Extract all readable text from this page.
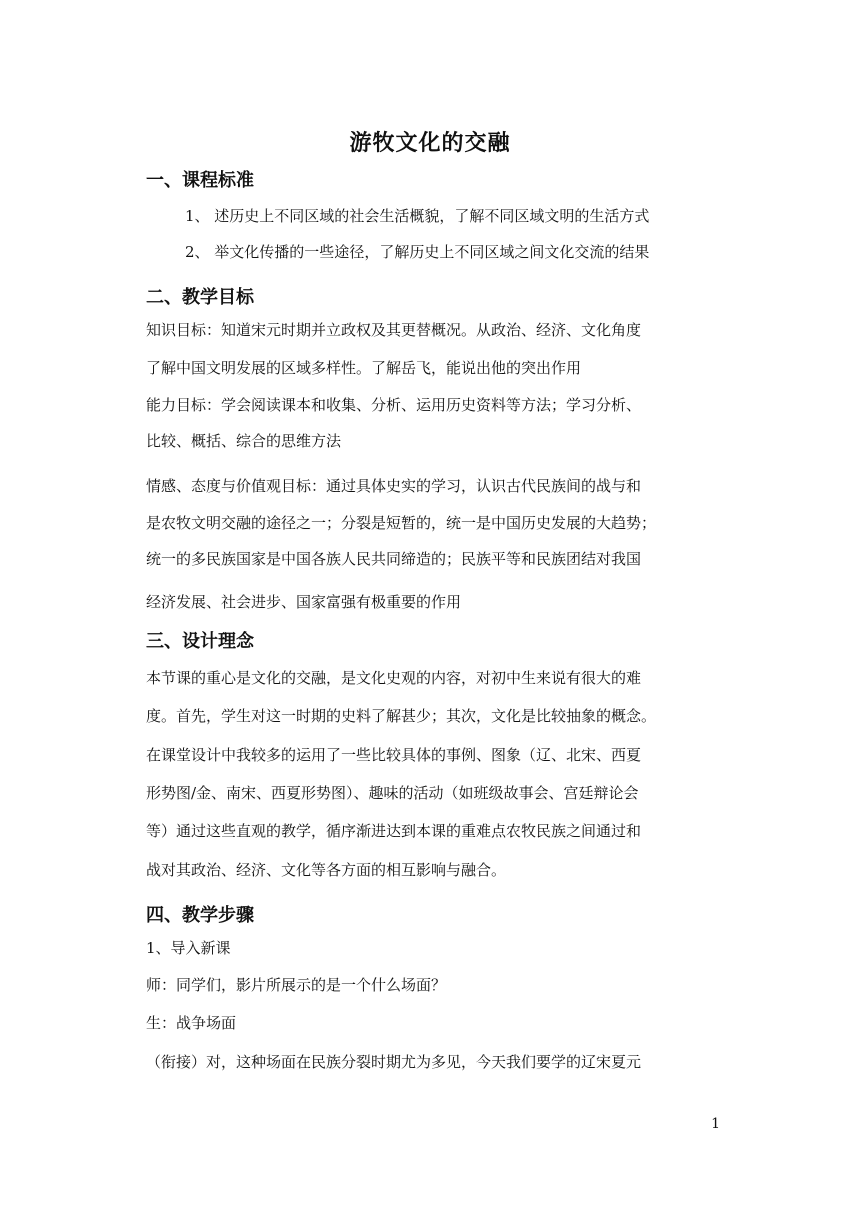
游牧文化的交融
一、课程标准
1、 述历史上不同区域的社会生活概貌，了解不同区域文明的生活方式
2、 举文化传播的一些途径，了解历史上不同区域之间文化交流的结果
二、教学目标
知识目标：知道宋元时期并立政权及其更替概况。从政治、经济、文化角度
了解中国文明发展的区域多样性。了解岳飞，能说出他的突出作用
能力目标：学会阅读课本和收集、分析、运用历史资料等方法；学习分析、
比较、概括、综合的思维方法
情感、态度与价值观目标：通过具体史实的学习，认识古代民族间的战与和
是农牧文明交融的途径之一；分裂是短暂的，统一是中国历史发展的大趋势；
统一的多民族国家是中国各族人民共同缔造的；民族平等和民族团结对我国
经济发展、社会进步、国家富强有极重要的作用
三、设计理念
本节课的重心是文化的交融，是文化史观的内容，对初中生来说有很大的难
度。首先，学生对这一时期的史料了解甚少；其次，文化是比较抽象的概念。
在课堂设计中我较多的运用了一些比较具体的事例、图象（辽、北宋、西夏
形势图/金、南宋、西夏形势图）、趣味的活动（如班级故事会、宫廷辩论会
等）通过这些直观的教学，循序渐进达到本课的重难点农牧民族之间通过和
战对其政治、经济、文化等各方面的相互影响与融合。
四、教学步骤
1、导入新课
师：同学们，影片所展示的是一个什么场面？
生：战争场面
（衔接）对，这种场面在民族分裂时期尤为多见，今天我们要学的辽宋夏元
1
